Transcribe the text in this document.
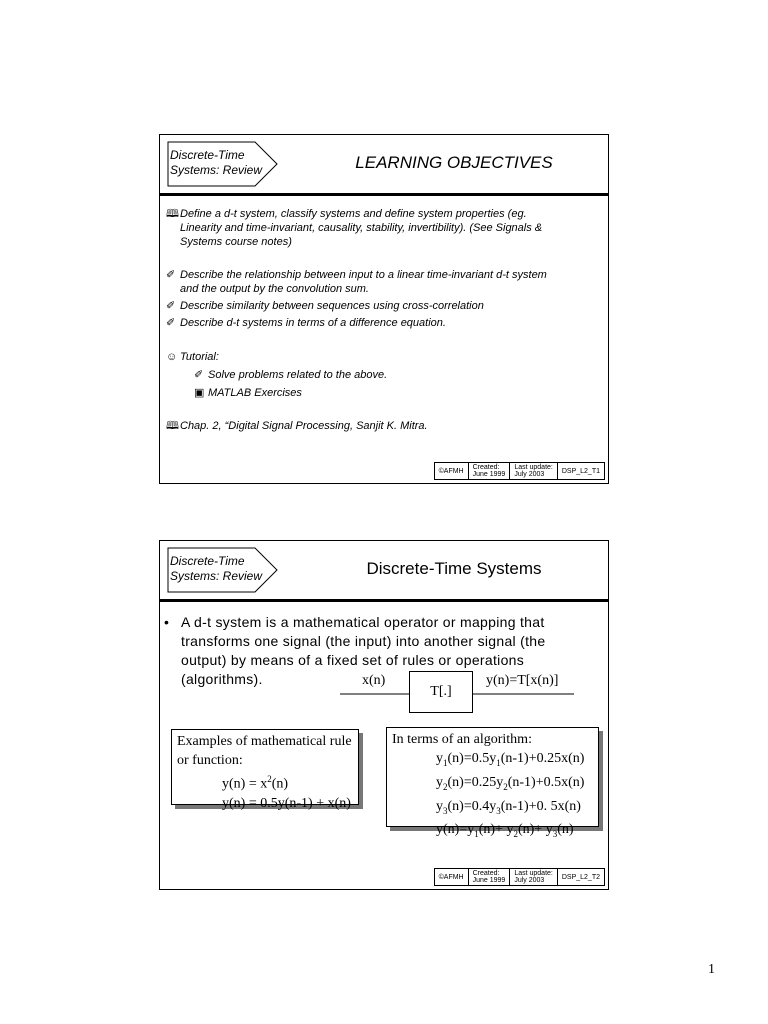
Discrete-Time
Systems: Review	LEARNING OBJECTIVES
🕮Define a d-t system, classify systems and define system properties (eg.
Linearity and time-invariant, causality, stability, invertibility). (See Signals &
Systems course notes)
✐ Describe the relationship between input to a linear time-invariant d-t system
and the output by the convolution sum.
✐ Describe similarity between sequences using cross-correlation
✐ Describe d-t systems in terms of a difference equation.
☺ Tutorial:
✐ Solve problems related to the above.
▣ MATLAB Exercises
🕮Chap. 2, “Digital Signal Processing, Sanjit K. Mitra.
©AFMH	Created:
June 1999
Last update:
July 2003	DSP_L2_T1
Discrete-Time
Systems: Review	Discrete-Time Systems
• A d-t system is a mathematical operator or mapping that
transforms one signal (the input) into another signal (the
output) by means of a fixed set of rules or operations
(algorithms).	x(n)
T[.]
y(n)=T[x(n)]
Examples of mathematical rule
or function:
$y(n) = x^2(n)$
y(n) = 0.5y(n-1) + x(n)
In terms of an algorithm:
$y_1(n)=0.5y_1(n-1)+0.25x(n)$
$y_2(n)=0.25y_2(n-1)+0.5x(n)$
$y_3(n)=0.4y_3(n-1)+0$. 5x(n)
$y(n)=y_1(n)+ y_2(n)+ y_3(n)$
©AFMH	Created:
June 1999
Last update:
July 2003	DSP_L2_T2
1
